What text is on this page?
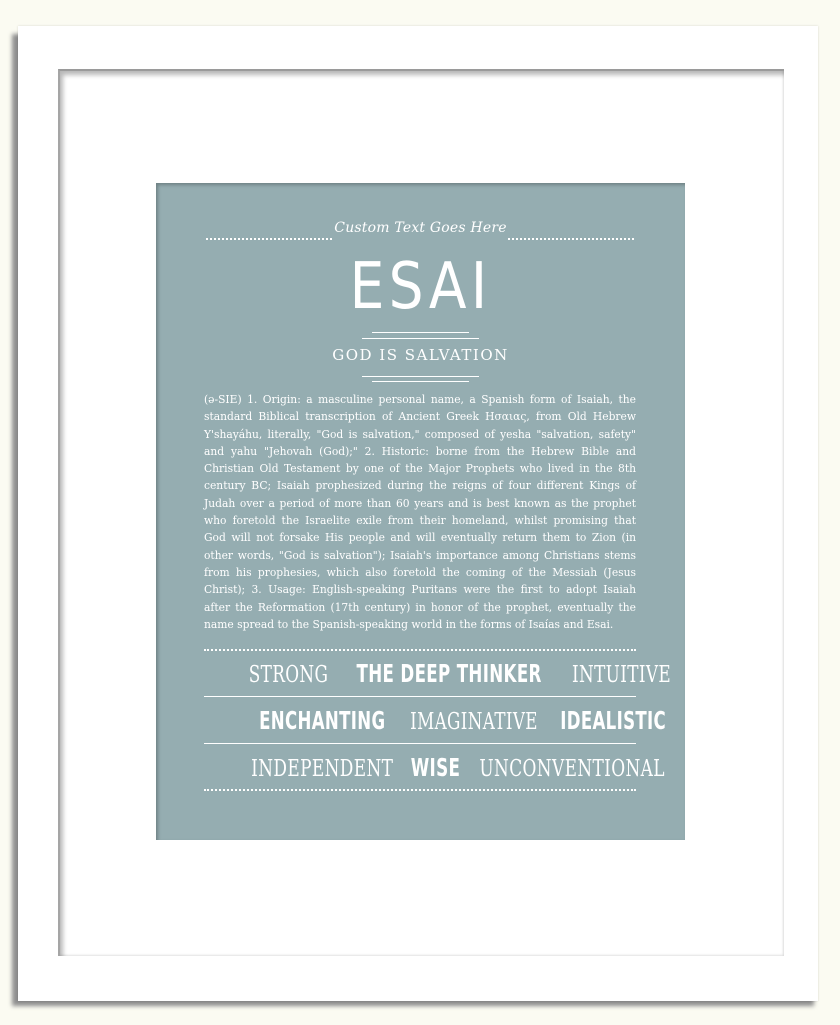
Custom Text Goes Here
ESAI
GOD IS SALVATION
(ə-SIE) 1. Origin: a masculine personal name, a Spanish form of Isaiah, the
standard Biblical transcription of Ancient Greek Ησαιας, from Old Hebrew
Y'shayáhu, literally, "God is salvation," composed of yesha "salvation, safety"
and yahu "Jehovah (God);" 2. Historic: borne from the Hebrew Bible and
Christian Old Testament by one of the Major Prophets who lived in the 8th
century BC; Isaiah prophesized during the reigns of four different Kings of
Judah over a period of more than 60 years and is best known as the prophet
who foretold the Israelite exile from their homeland, whilst promising that
God will not forsake His people and will eventually return them to Zion (in
other words, "God is salvation"); Isaiah's importance among Christians stems
from his prophesies, which also foretold the coming of the Messiah (Jesus
Christ); 3. Usage: English-speaking Puritans were the first to adopt Isaiah
after the Reformation (17th century) in honor of the prophet, eventually the
name spread to the Spanish-speaking world in the forms of Isaías and Esai.
STRONG THE DEEP THINKER INTUITIVE
ENCHANTING IMAGINATIVE IDEALISTIC
INDEPENDENT WISE UNCONVENTIONAL
